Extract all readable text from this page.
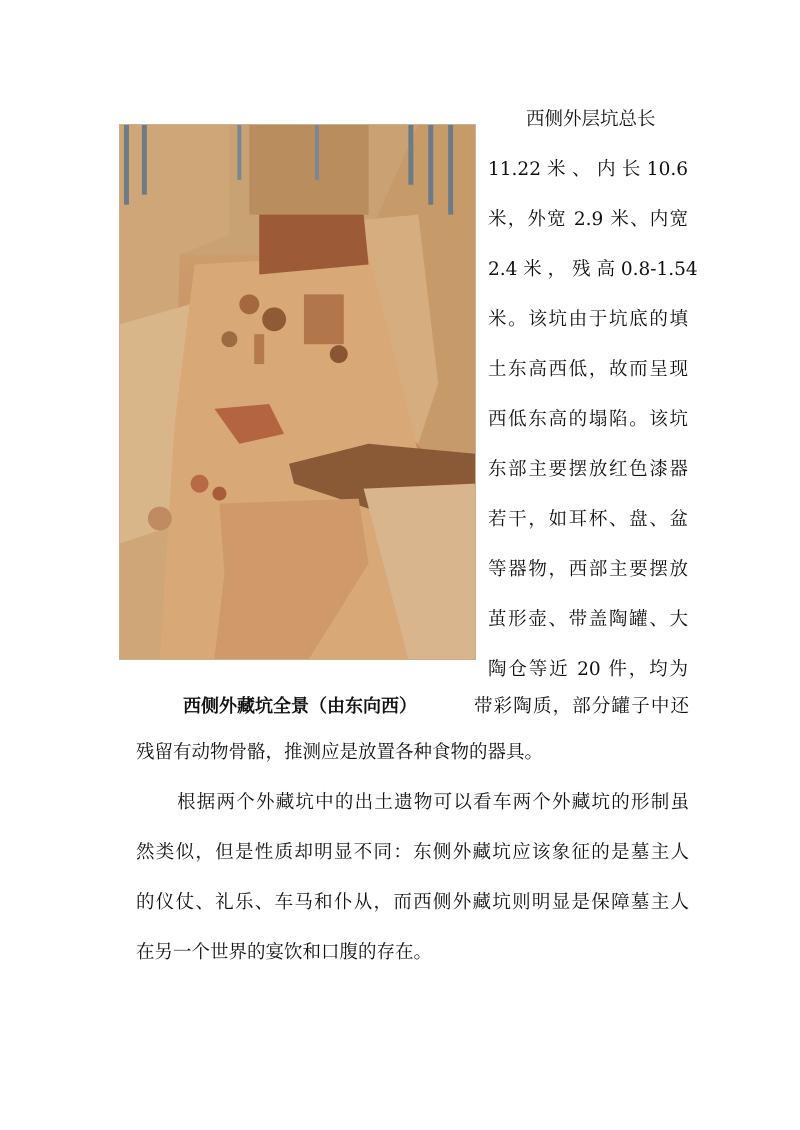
西侧外层坑总长
11.22 米 、 内 长 10.6
米，外宽 2.9 米、内宽
2.4 米 ， 残 高 0.8-1.54
米。该坑由于坑底的填
土东高西低，故而呈现
西低东高的塌陷。该坑
东部主要摆放红色漆器
若干，如耳杯、盘、盆
等器物，西部主要摆放
茧形壶、带盖陶罐、大
陶仓等近 20 件，均为
西侧外藏坑全景（由东向西）	带彩陶质，部分罐子中还
残留有动物骨骼，推测应是放置各种食物的器具。
根据两个外藏坑中的出土遗物可以看车两个外藏坑的形制虽
然类似，但是性质却明显不同：东侧外藏坑应该象征的是墓主人
的仪仗、礼乐、车马和仆从，而西侧外藏坑则明显是保障墓主人
在另一个世界的宴饮和口腹的存在。
